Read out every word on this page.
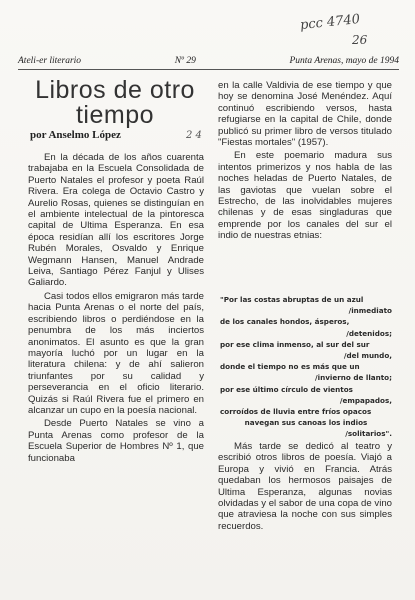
pcc 4740
26
Ateli-er literario	Nº 29	Punta Arenas, mayo de 1994
Libros de otro
tiempo
por Anselmo López	2 4

En la década de los años cuarenta trabajaba en la Escuela Consolidada de Puerto Natales el profesor y poeta Raúl Rivera. Era colega de Octavio Castro y Aurelio Rosas, quienes se distinguían en el ambiente intelectual de la pintoresca capital de Ultima Esperanza. En esa época residían allí los escritores Jorge Rubén Morales, Osvaldo y Enrique Wegmann Hansen, Manuel Andrade Leiva, Santiago Pérez Fanjul y Ulises Galiardo.

Casi todos ellos emigraron más tarde hacia Punta Arenas o el norte del país, escribiendo libros o perdiéndose en la penumbra de los más inciertos anonimatos. El asunto es que la gran mayoría luchó por un lugar en la literatura chilena: y de ahí salieron triunfantes por su calidad y perseverancia en el oficio literario. Quizás si Raúl Rivera fue el primero en alcanzar un cupo en la poesía nacional.

Desde Puerto Natales se vino a Punta Arenas como profesor de la Escuela Superior de Hombres Nº 1, que funcionaba

en la calle Valdivia de ese tiempo y que hoy se denomina José Menéndez. Aquí continuó escribiendo versos, hasta refugiarse en la capital de Chile, donde publicó su primer libro de versos titulado "Fiestas mortales" (1957).

En este poemario madura sus intentos primerizos y nos habla de las noches heladas de Puerto Natales, de las gaviotas que vuelan sobre el Estrecho, de las inolvidables mujeres chilenas y de esas singladuras que emprende por los canales del sur el indio de nuestras etnias:

"Por las costas abruptas de un azul
/inmediato
de los canales hondos, ásperos,
/detenidos;
por ese clima inmenso, al sur del sur
/del mundo,
donde el tiempo no es más que un
/invierno de llanto;
por ese último círculo de vientos
/empapados,
corroídos de lluvia entre fríos opacos
navegan sus canoas los indios
/solitarios".

Más tarde se dedicó al teatro y escribió otros libros de poesía. Viajó a Europa y vivió en Francia. Atrás quedaban los hermosos paisajes de Ultima Esperanza, algunas novias olvidadas y el sabor de una copa de vino que atraviesa la noche con sus simples recuerdos.
